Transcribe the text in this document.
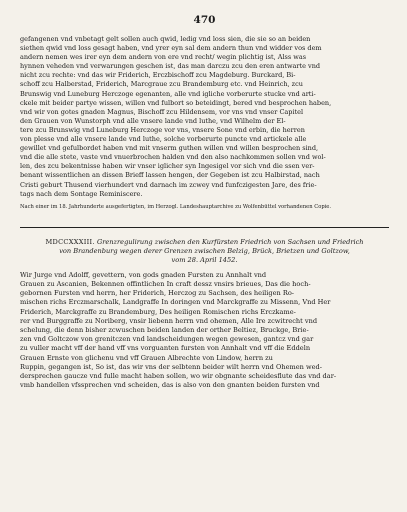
470
gefangenen vnd vnbetagt gelt sollen auch qwid, ledig vnd loss sien, die sie so an beiden
siethen qwid vnd loss gesagt haben, vnd yrer eyn sal dem andern thun vnd widder vos dem
andern nemen wes irer eyn dem andern von ere vnd recht/ wegin plichtig ist, Alss was
hynnen veheden vnd verwarungen geschen ist, das man darczu zcu den eren antwarte vnd
nicht zcu rechte: vnd das wir Friderich, Erczbischoff zcu Magdeburg. Burckard, Bi-
schoff zcu Halberstad, Friderich, Marcgraue zcu Brandemburg etc. vnd Heinrich, zcu
Brunswig vnd Luneburg Herczoge egenanten, alle vnd igliche vorberurte stucke vnd arti-
ckele mit beider partye wissen, willen vnd fulbort so beteidingt, bered vnd besprochen haben,
vnd wir von gotes gnaden Magnus, Bischoff zcu Hildensem, vor vns vnd vnser Capitel
den Grauen von Wunstorph vnd alle vnsere lande vnd luthe, vnd Wilhelm der El-
tere zcu Brunswig vnd Luneburg Herczoge vor vns, vnsere Sone vnd erbin, die herren
von plesse vnd alle vnsere lande vnd luthe, solche vorberurte puncte vnd artickele alle
gewillet vnd gefulbordet haben vnd mit vnserm guthen willen vnd willen besprochen sind,
vnd die alle stete, vaste vnd vnuerbrochen halden vnd den also nachkommen sollen vnd wol-
len, des zcu bekentnisse haben wir vnser iglicher syn Ingesigel vor sich vnd die ssen ver-
benant wissentlichen an dissen Brieff lassen hengen, der Gegeben ist zcu Halbirstad, nach
Cristi geburt Thusend vierhundert vnd darnach im zcwey vnd funfczigesten Jare, des frie-
tags nach dem Sontage Reminiscere.
Nach einer im 18. Jahrhunderte ausgefertigten, im Herzogl. Landeshauptarchive zu Wolfenbüttel vorhandenen Copie.
MDCCXXXIII. Grenzregulirung zwischen den Kurfürsten Friedrich von Sachsen und Friedrich
von Brandenburg wegen derer Grenzen zwischen Belzig, Brück, Brietzen und Goltzow,
vom 28. April 1452.
Wir Jurge vnd Adolff, gevettern, von gods gnaden Fursten zu Annhalt vnd
Grauen zu Ascanien, Bekennen offintlichen In craft dessz vnsirs brieues, Das die hoch-
gebornen Fursten vnd herrn, her Friderich, Herczog zu Sachsen, des heiligen Ro-
mischen richs Erczmarschalk, Landgraffe In doringen vnd Marckgraffe zu Missenn, Vnd Her
Friderich, Marckgraffe zu Brandemburg, Des heiligen Romischen richs Erczkame-
rer vnd Burggraffe zu Noriberg, vnsir liebenn herrn vnd ohemen, Alle Ire zcwitrecht vnd
schelung, die denn bisher zcwuschen beiden landen der orther Beltiez, Bruckge, Brie-
zen vnd Goltczow von grenitczen vnd landscheidungen wegen gewesen, gantcz vnd gar
zu vuller macht vff der hand vff vns vorguanten fursten von Annhalt vnd vff die Eddeln
Grauen Ernste von glichenu vnd vff Grauen Albrechte von Lindow, herrn zu
Ruppin, gegangen ist, So ist, das wir vns der selbtenn beider wilt herrn vnd Ohemen wed-
dersprechen gaucze vnd fulle macht haben sollen, wo wir obgnante scheidesflute das vnd dar-
vmb handellen vfssprechen vnd scheiden, das is also von den gnanten beiden fursten vnd
